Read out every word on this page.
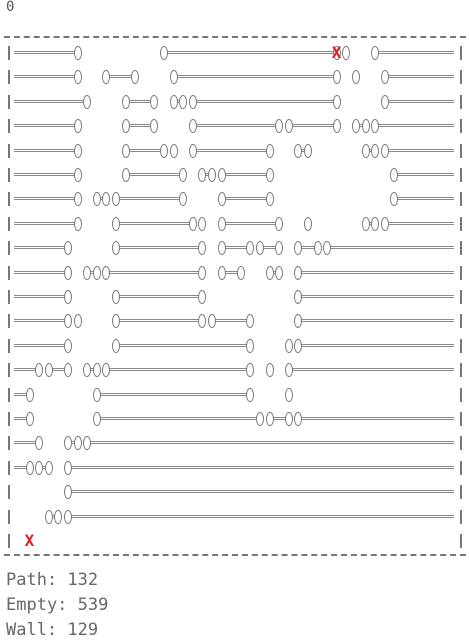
0
X
X
Path: 132
Empty: 539
Wall: 129
